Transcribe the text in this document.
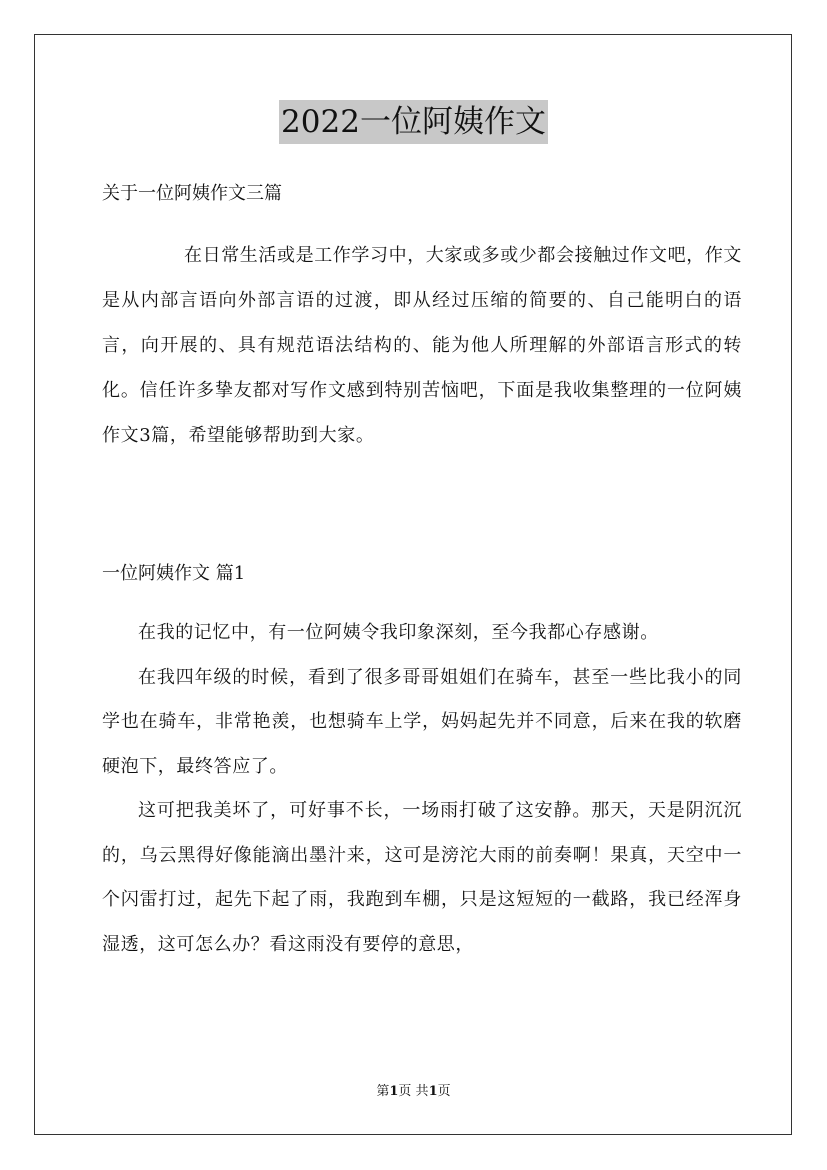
2022一位阿姨作文
关于一位阿姨作文三篇
在日常生活或是工作学习中，大家或多或少都会接触过作文吧，作文是从内部言语向外部言语的过渡，即从经过压缩的简要的、自己能明白的语言，向开展的、具有规范语法结构的、能为他人所理解的外部语言形式的转化。信任许多挚友都对写作文感到特别苦恼吧，下面是我收集整理的一位阿姨作文3篇，希望能够帮助到大家。
一位阿姨作文 篇1

在我的记忆中，有一位阿姨令我印象深刻，至今我都心存感谢。

在我四年级的时候，看到了很多哥哥姐姐们在骑车，甚至一些比我小的同学也在骑车，非常艳羡，也想骑车上学，妈妈起先并不同意，后来在我的软磨硬泡下，最终答应了。

这可把我美坏了，可好事不长，一场雨打破了这安静。那天，天是阴沉沉的，乌云黑得好像能滴出墨汁来，这可是滂沱大雨的前奏啊！果真，天空中一个闪雷打过，起先下起了雨，我跑到车棚，只是这短短的一截路，我已经浑身湿透，这可怎么办？看这雨没有要停的意思，

第1页 共1页
